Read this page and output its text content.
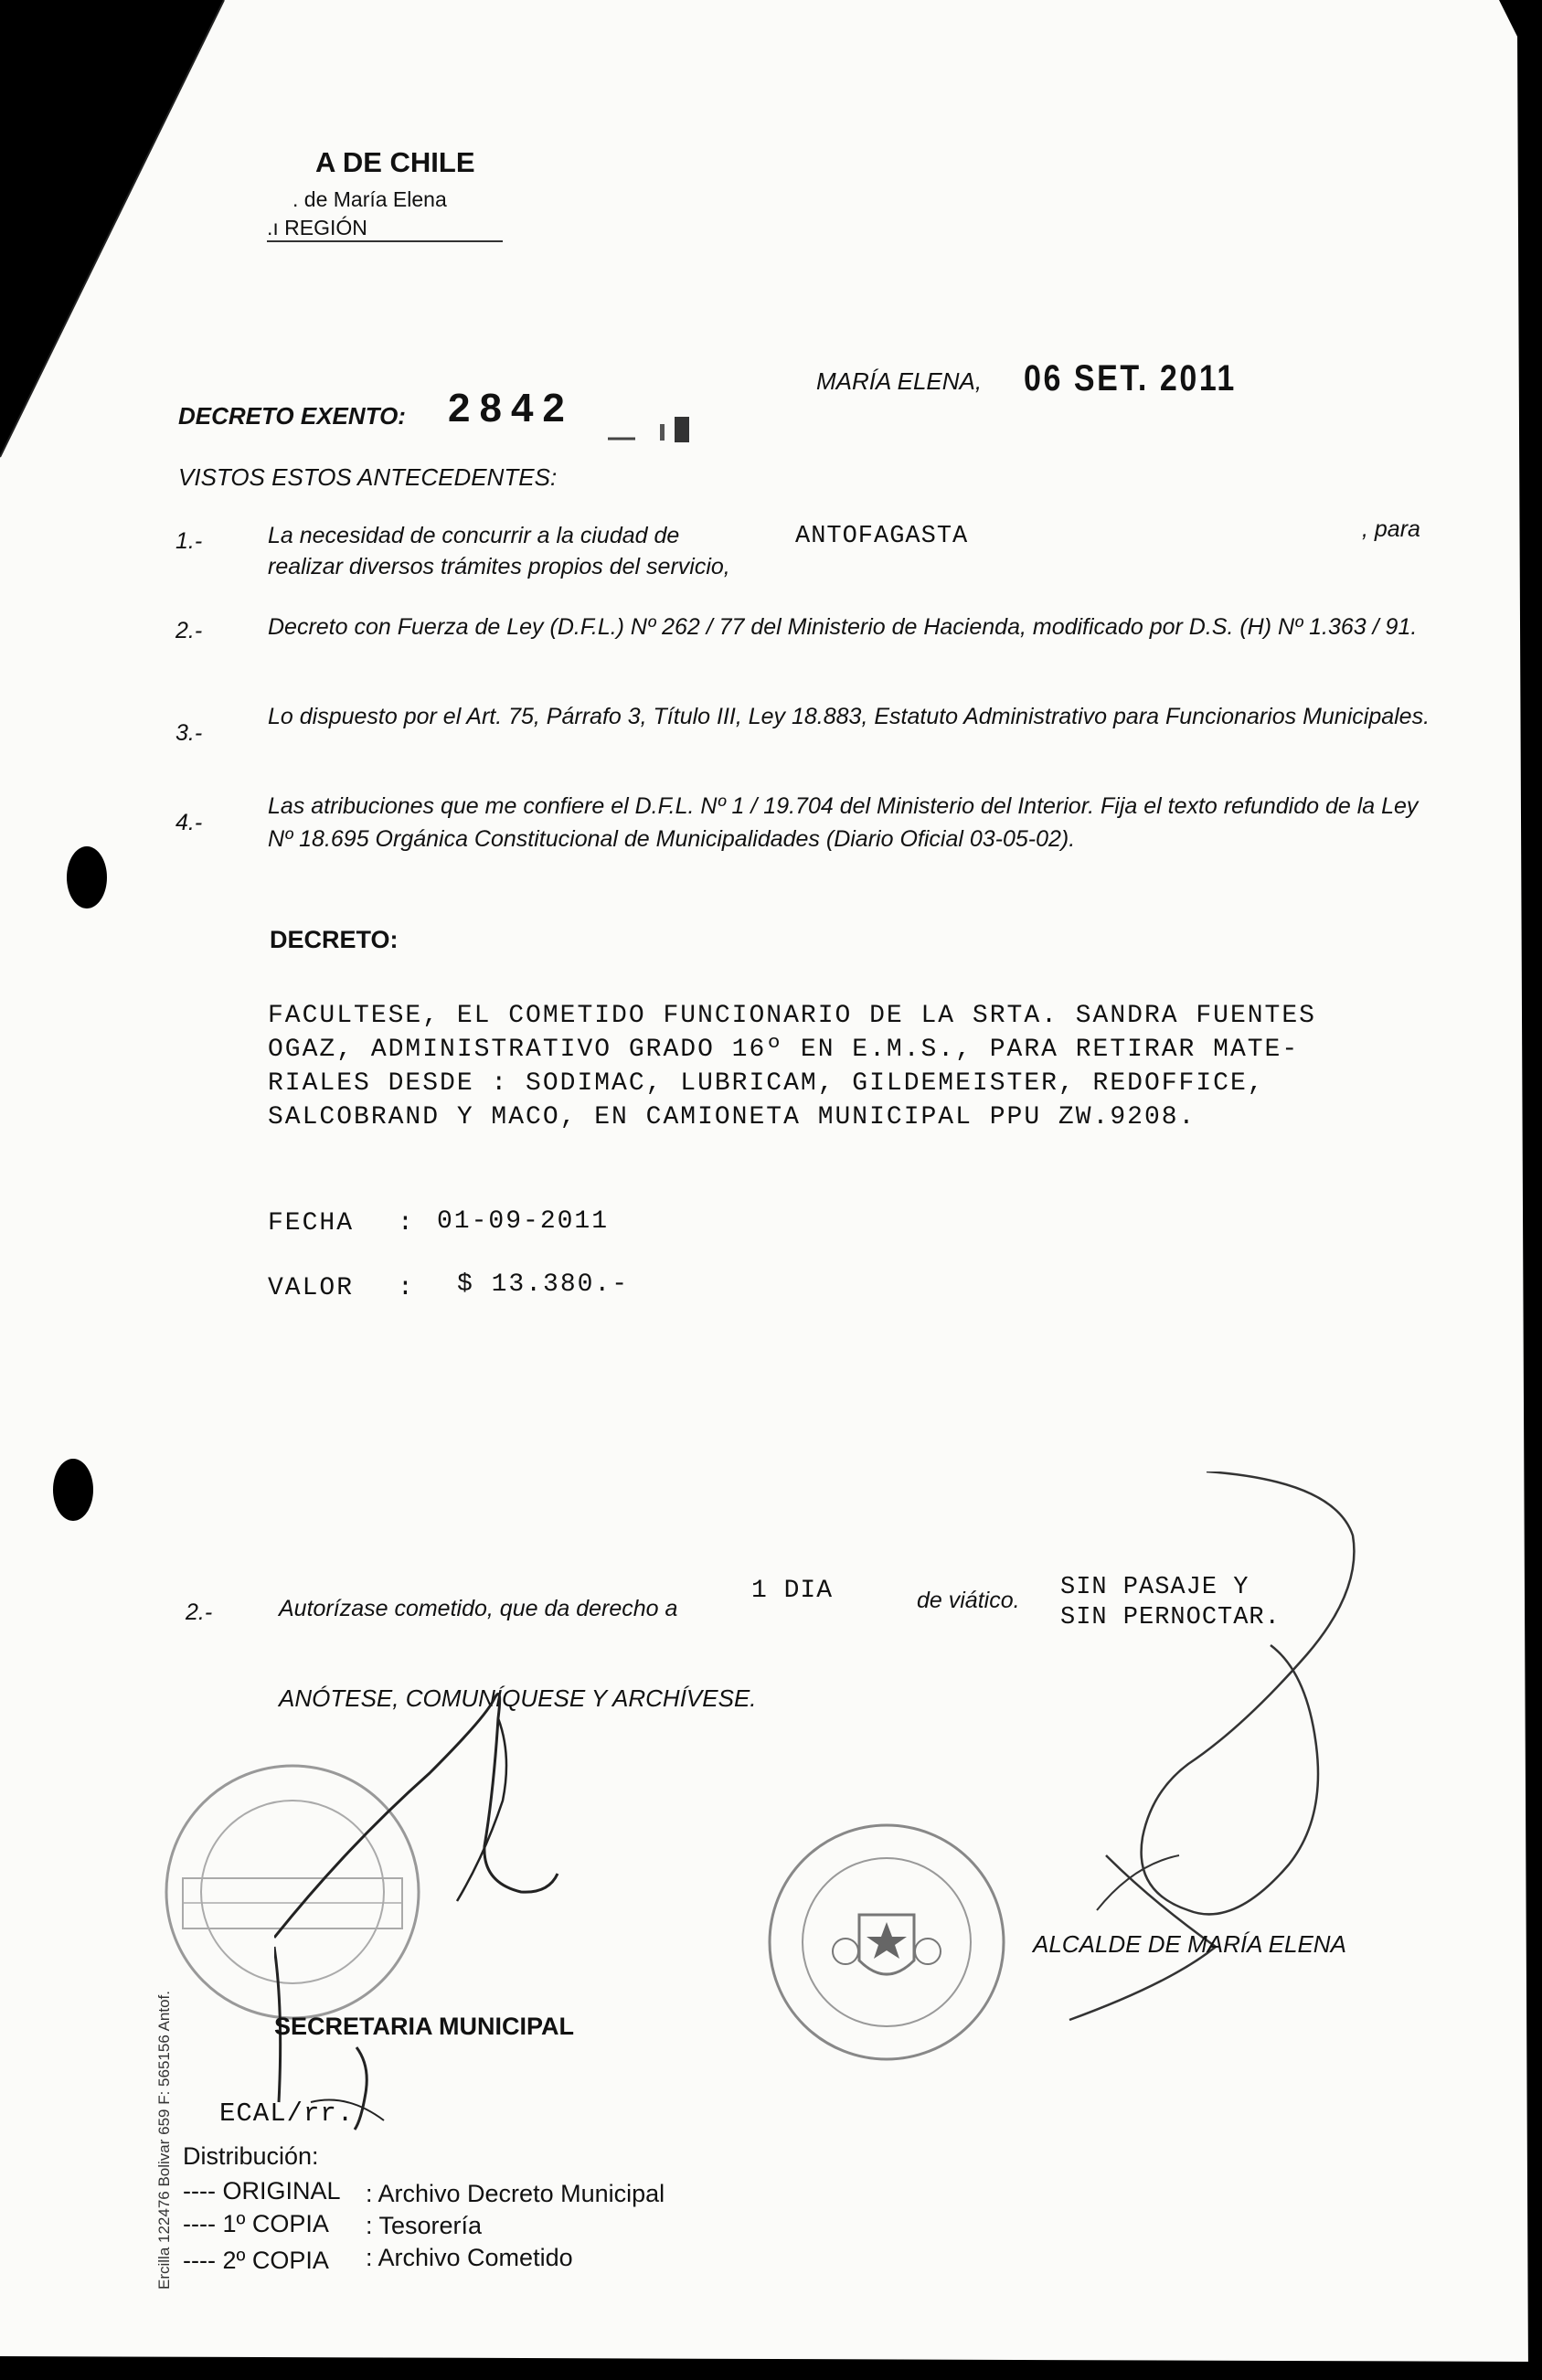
A DE CHILE
. de María Elena
.ı REGIÓN
DECRETO EXENTO: 2842
MARÍA ELENA, 06 SET. 2011
VISTOS ESTOS ANTECEDENTES:
1.-	La necesidad de concurrir a la ciudad de	ANTOFAGASTA	, para
realizar diversos trámites propios del servicio,
2.-	Decreto con Fuerza de Ley (D.F.L.) Nº 262 / 77 del Ministerio de Hacienda, modificado por D.S. (H) Nº 1.363 / 91.
3.-
Lo dispuesto por el Art. 75, Párrafo 3, Título III, Ley 18.883, Estatuto Administrativo para Funcionarios Municipales.
4.-
Las atribuciones que me confiere el D.F.L. Nº 1 / 19.704 del Ministerio del Interior. Fija el texto refundido de la Ley Nº 18.695 Orgánica Constitucional de Municipalidades (Diario Oficial 03-05-02).
DECRETO:
FACULTESE, EL COMETIDO FUNCIONARIO DE LA SRTA. SANDRA FUENTES
OGAZ, ADMINISTRATIVO GRADO 16º EN E.M.S., PARA RETIRAR MATE-
RIALES DESDE : SODIMAC, LUBRICAM, GILDEMEISTER, REDOFFICE,
SALCOBRAND Y MACO, EN CAMIONETA MUNICIPAL PPU ZW.9208.
FECHA : 01-09-2011
VALOR : $ 13.380.-
2.-	Autorízase cometido, que da derecho a
1 DIA	de viático. SIN PASAJE Y
SIN PERNOCTAR.
ANÓTESE, COMUNÍQUESE Y ARCHÍVESE.
ALCALDE DE MARÍA ELENA
SECRETARIA MUNICIPAL
ECAL/rr.
Distribución:
---- ORIGINAL : Archivo Decreto Municipal
---- 1º COPIA : Tesorería
---- 2º COPIA : Archivo Cometido
Ercilla 122476 Bolivar 659 F: 565156 Antof.
